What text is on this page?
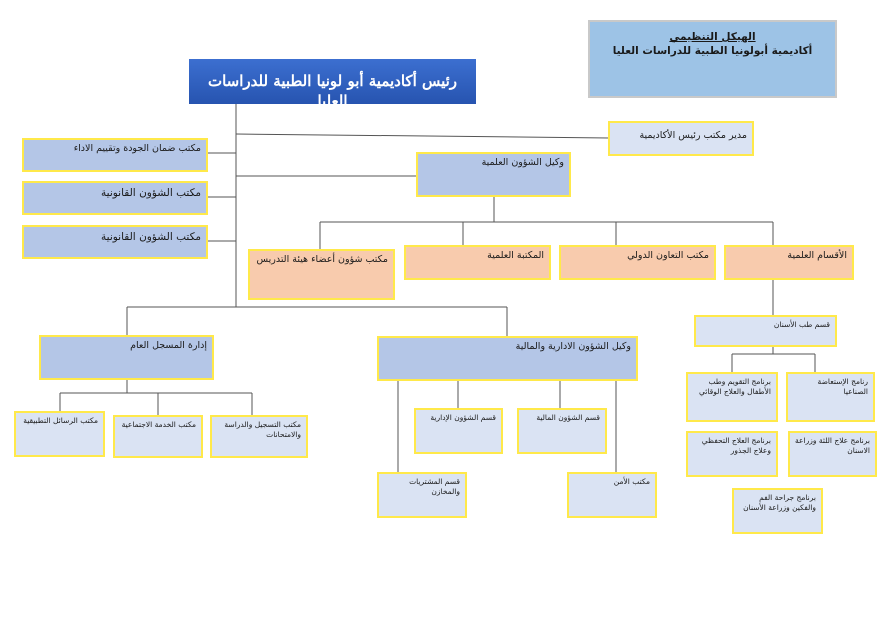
الهيكل التنظيمي
أكاديمية أبولونيا الطبية للدراسات العليا
رئيس أكاديمية أبو لونيا الطبية للدراسات العليا
مدير مكتب رئيس الأكاديمية
مكتب ضمان الجودة وتقييم الاداء
مكتب الشؤون القانونية
مكتب الشؤون القانونية
وكيل الشؤون العلمية
مكتب شؤون أعضاء هيئة التدريس	المكتبة العلمية	مكتب التعاون الدولي	الأقسام العلمية
قسم طب الأسنان
برنامج التقويم وطب الأطفال والعلاج الوقائي
رنامج الإستعاضة الصناعيا
برنامج العلاج التحفظي وعلاج الجذور
برنامج علاج اللثة وزراعة الاسنان
برنامج جراحة الفم والفكين وزراعة الأسنان
إدارة المسجل العام
مكتب الرسائل التطبيقية	مكتب الخدمة الاجتماعية	مكتب التسجيل والدراسة والامتحانات
وكيل الشؤون الادارية والمالية
قسم الشؤون الإدارية	قسم الشؤون المالية
قسم المشتريات والمخازن
مكتب الأمن
